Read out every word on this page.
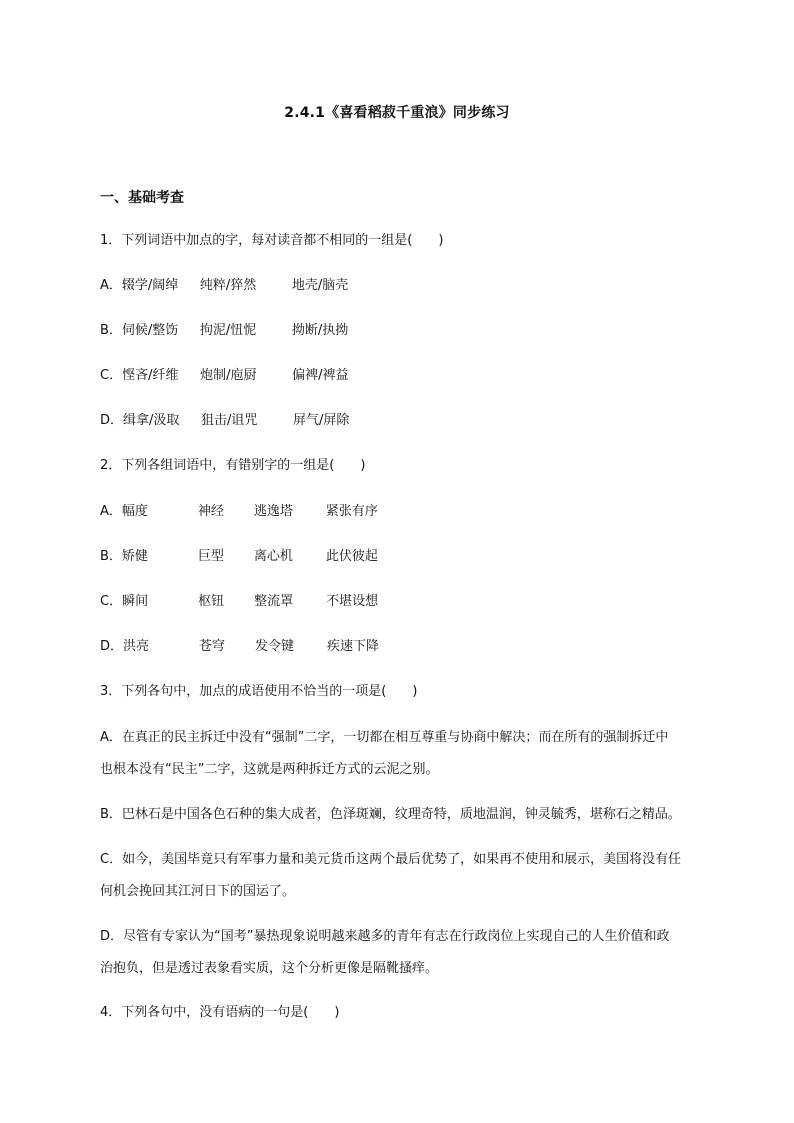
2.4.1《喜看稻菽千重浪》同步练习
一、基础考查
1．下列词语中加点的字，每对读音都不相同的一组是(　　)
A．辍学/阔绰 纯粹/猝然	地壳/脑壳
B．伺候/整饬 拘泥/忸怩	拗断/执拗
C．悭吝/纤维 炮制/庖厨	偏裨/裨益
D．缉拿/汲取 狙击/诅咒	屏气/屏除
2．下列各组词语中，有错别字的一组是(　　)
A．幅度	神经 逃逸塔	紧张有序
B．矫健	巨型 离心机	此伏彼起
C．瞬间	枢钮 整流罩	不堪设想
D．洪亮	苍穹 发令键	疾速下降
3．下列各句中，加点的成语使用不恰当的一项是(　　)
A．在真正的民主拆迁中没有“强制”二字，一切都在相互尊重与协商中解决；而在所有的强制拆迁中
也根本没有“民主”二字，这就是两种拆迁方式的云泥之别。
B．巴林石是中国各色石种的集大成者，色泽斑斓，纹理奇特，质地温润，钟灵毓秀，堪称石之精品。
C．如今，美国毕竟只有军事力量和美元货币这两个最后优势了，如果再不使用和展示，美国将没有任
何机会挽回其江河日下的国运了。
D．尽管有专家认为“国考”暴热现象说明越来越多的青年有志在行政岗位上实现自己的人生价值和政
治抱负，但是透过表象看实质，这个分析更像是隔靴搔痒。
4．下列各句中，没有语病的一句是(　　)
